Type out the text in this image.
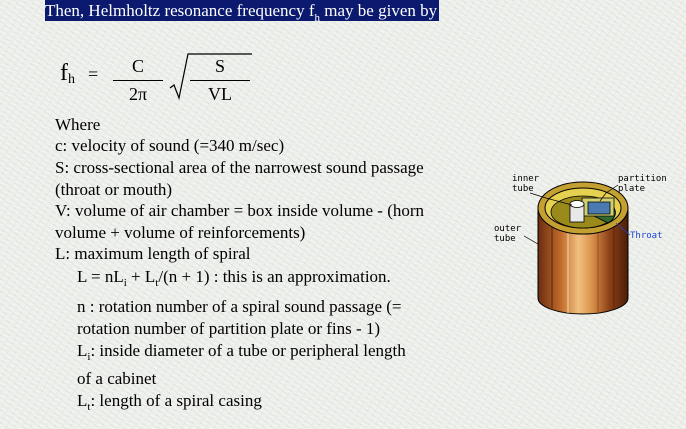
Then, Helmholtz resonance frequency $f_h$ may be given by
$f_h$ =	C
2π
S
VL
Where
c: velocity of sound (=340 m/sec)
S: cross-sectional area of the narrowest sound passage
(throat or mouth)
V: volume of air chamber = box inside volume - (horn
volume + volume of reinforcements)
L: maximum length of spiral
$L = nL_i + L_t/(n + 1)$ : this is an approximation.
n : rotation number of a spiral sound passage (=
rotation number of partition plate or fins - 1)
$L_i$: inside diameter of a tube or peripheral length
of a cabinet
$L_t$: length of a spiral casing
inner
tube
partition
plate
outer
tube	Throat
